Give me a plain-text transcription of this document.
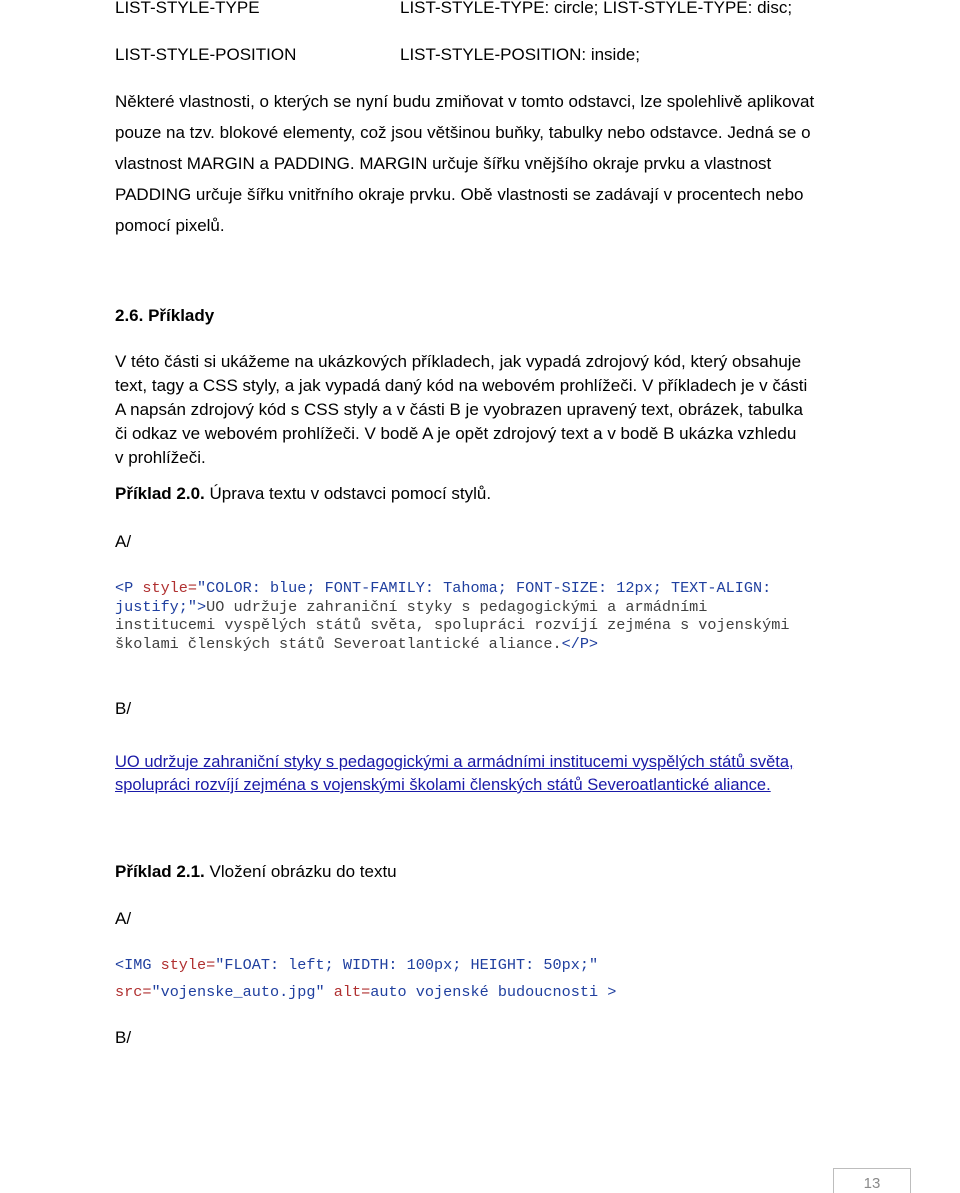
LIST-STYLE-TYPE	LIST-STYLE-TYPE: circle; LIST-STYLE-TYPE: disc;
LIST-STYLE-POSITION	LIST-STYLE-POSITION: inside;
Některé vlastnosti, o kterých se nyní budu zmiňovat v tomto odstavci, lze spolehlivě aplikovat
pouze na tzv. blokové elementy, což jsou většinou buňky, tabulky nebo odstavce. Jedná se o
vlastnost MARGIN a PADDING. MARGIN určuje šířku vnějšího okraje prvku a vlastnost
PADDING určuje šířku vnitřního okraje prvku. Obě vlastnosti se zadávají v procentech nebo
pomocí pixelů.
2.6. Příklady
V této části si ukážeme na ukázkových příkladech, jak vypadá zdrojový kód, který obsahuje
text, tagy a CSS styly, a jak vypadá daný kód na webovém prohlížeči. V příkladech je v části
A napsán zdrojový kód s CSS styly a v části B je vyobrazen upravený text, obrázek, tabulka
či odkaz ve webovém prohlížeči. V bodě A je opět zdrojový text a v bodě B ukázka vzhledu
v prohlížeči.
Příklad 2.0. Úprava textu v odstavci pomocí stylů.
A/
<P style="COLOR: blue; FONT-FAMILY: Tahoma; FONT-SIZE: 12px; TEXT-ALIGN:
justify;">UO udržuje zahraniční styky s pedagogickými a armádními
institucemi vyspělých států světa, spolupráci rozvíjí zejména s vojenskými
školami členských států Severoatlantické aliance.</P>
B/
UO udržuje zahraniční styky s pedagogickými a armádními institucemi vyspělých států světa,
spolupráci rozvíjí zejména s vojenskými školami členských států Severoatlantické aliance.
Příklad 2.1. Vložení obrázku do textu
A/
<IMG style="FLOAT: left; WIDTH: 100px; HEIGHT: 50px;"
src="vojenske_auto.jpg" alt=auto vojenské budoucnosti >
B/
13
